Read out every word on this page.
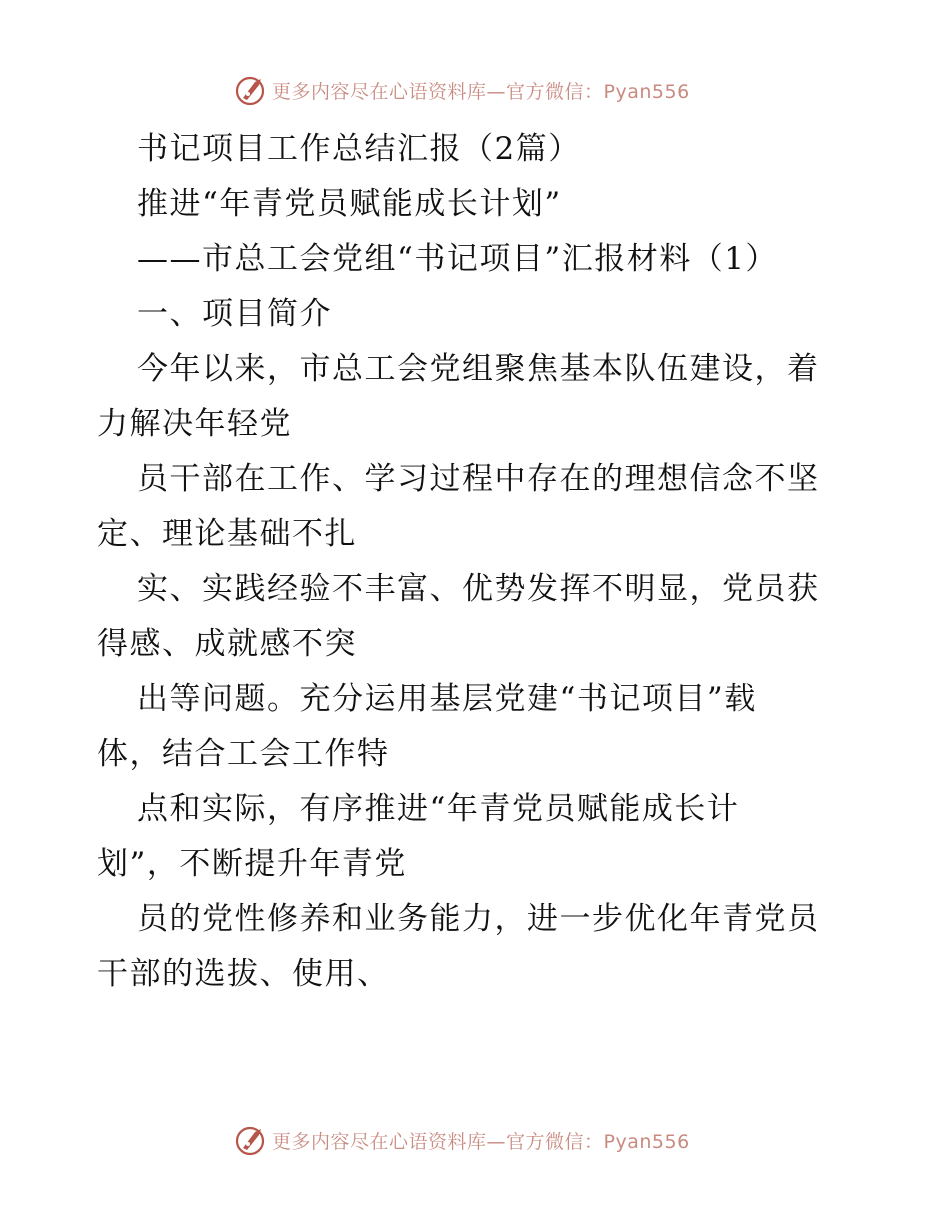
更多内容尽在心语资料库—官方微信：Pyan556
书记项目工作总结汇报（2篇）
推进“年青党员赋能成长计划”
——市总工会党组“书记项目”汇报材料（1）
一、项目简介
今年以来，市总工会党组聚焦基本队伍建设，着
力解决年轻党
员干部在工作、学习过程中存在的理想信念不坚
定、理论基础不扎
实、实践经验不丰富、优势发挥不明显，党员获
得感、成就感不突
出等问题。充分运用基层党建“书记项目”载
体，结合工会工作特
点和实际，有序推进“年青党员赋能成长计
划”，不断提升年青党
员的党性修养和业务能力，进一步优化年青党员
干部的选拔、使用、
更多内容尽在心语资料库—官方微信：Pyan556
